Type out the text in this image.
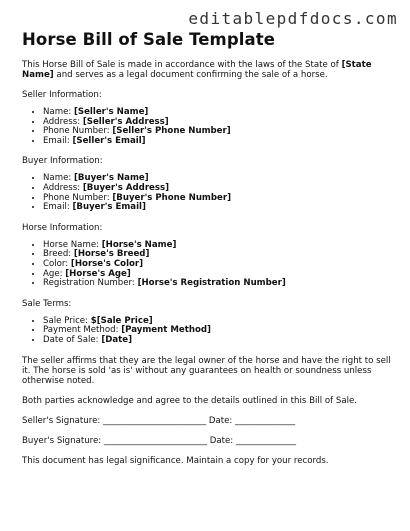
editablepdfdocs.com
Horse Bill of Sale Template

This Horse Bill of Sale is made in accordance with the laws of the State of [State Name] and serves as a legal document confirming the sale of a horse.

Seller Information:
• Name: [Seller's Name]
• Address: [Seller's Address]
• Phone Number: [Seller's Phone Number]
• Email: [Seller's Email]
Buyer Information:
• Name: [Buyer's Name]
• Address: [Buyer's Address]
• Phone Number: [Buyer's Phone Number]
• Email: [Buyer's Email]
Horse Information:
• Horse Name: [Horse's Name]
• Breed: [Horse's Breed]
• Color: [Horse's Color]
• Age: [Horse's Age]
• Registration Number: [Horse's Registration Number]
Sale Terms:
• Sale Price: $[Sale Price]
• Payment Method: [Payment Method]
• Date of Sale: [Date]

The seller affirms that they are the legal owner of the horse and have the right to sell it. The horse is sold 'as is' without any guarantees on health or soundness unless otherwise noted.

Both parties acknowledge and agree to the details outlined in this Bill of Sale.

Seller's Signature: ________________________ Date: ______________
Buyer's Signature: ________________________ Date: ______________

This document has legal significance. Maintain a copy for your records.
